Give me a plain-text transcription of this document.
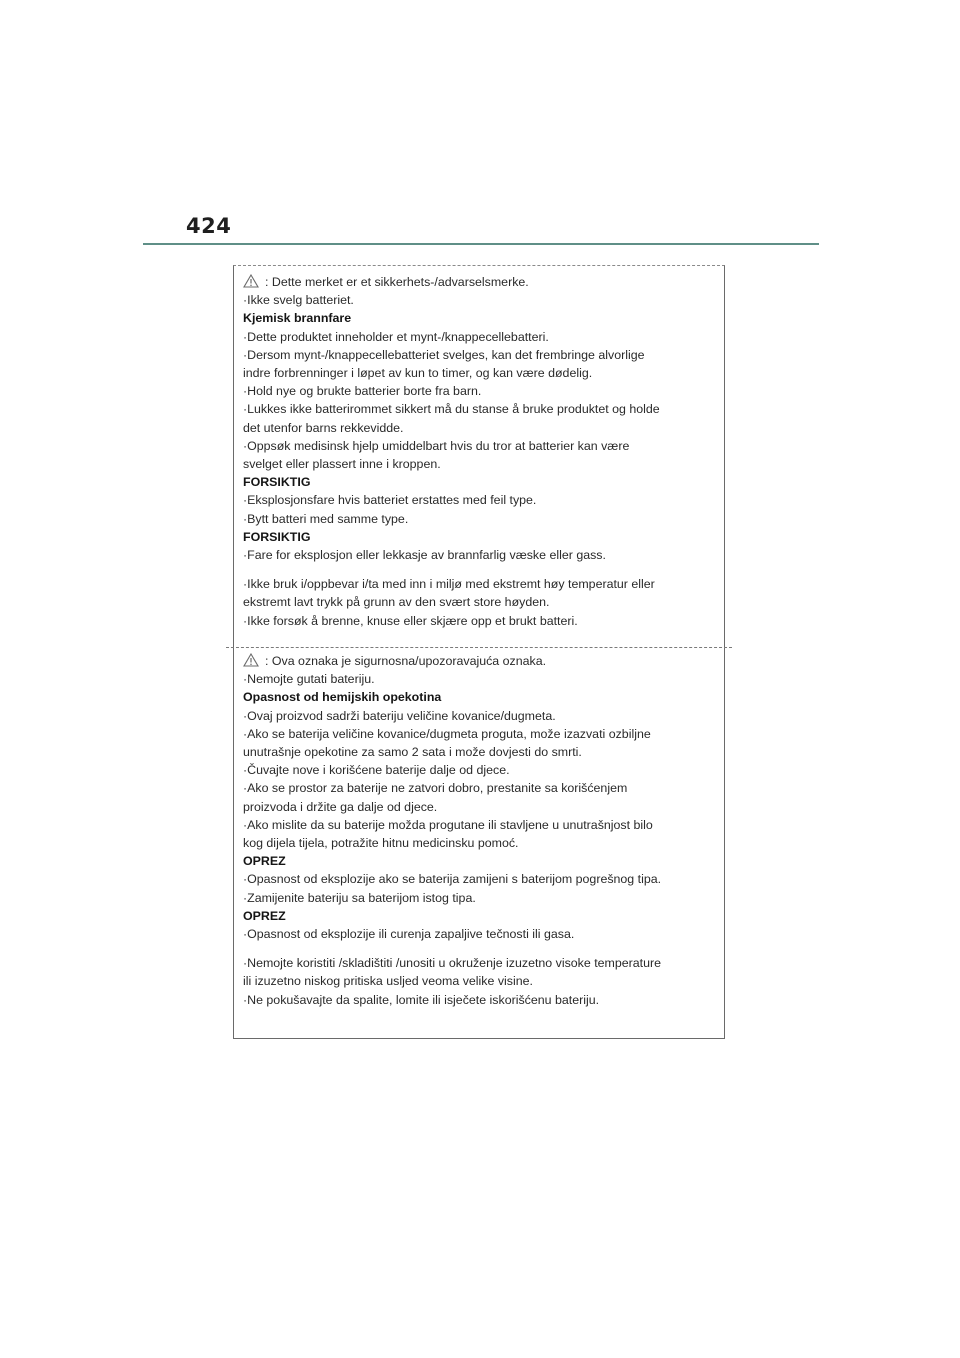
424
: Dette merket er et sikkerhets-/advarselsmerke.
·Ikke svelg batteriet.
Kjemisk brannfare
·Dette produktet inneholder et mynt-/knappecellebatteri.
·Dersom mynt-/knappecellebatteriet svelges, kan det frembringe alvorlige
indre forbrenninger i løpet av kun to timer, og kan være dødelig.
·Hold nye og brukte batterier borte fra barn.
·Lukkes ikke batterirommet sikkert må du stanse å bruke produktet og holde
det utenfor barns rekkevidde.
·Oppsøk medisinsk hjelp umiddelbart hvis du tror at batterier kan være
svelget eller plassert inne i kroppen.
FORSIKTIG
·Eksplosjonsfare hvis batteriet erstattes med feil type.
·Bytt batteri med samme type.
FORSIKTIG
·Fare for eksplosjon eller lekkasje av brannfarlig væske eller gass.
·Ikke bruk i/oppbevar i/ta med inn i miljø med ekstremt høy temperatur eller
ekstremt lavt trykk på grunn av den svært store høyden.
·Ikke forsøk å brenne, knuse eller skjære opp et brukt batteri.
: Ova oznaka je sigurnosna/upozoravajuća oznaka.
·Nemojte gutati bateriju.
Opasnost od hemijskih opekotina
·Ovaj proizvod sadrži bateriju veličine kovanice/dugmeta.
·Ako se baterija veličine kovanice/dugmeta proguta, može izazvati ozbiljne
unutrašnje opekotine za samo 2 sata i može dovjesti do smrti.
·Čuvajte nove i korišćene baterije dalje od djece.
·Ako se prostor za baterije ne zatvori dobro, prestanite sa korišćenjem
proizvoda i držite ga dalje od djece.
·Ako mislite da su baterije možda progutane ili stavljene u unutrašnjost bilo
kog dijela tijela, potražite hitnu medicinsku pomoć.
OPREZ
·Opasnost od eksplozije ako se baterija zamijeni s baterijom pogrešnog tipa.
·Zamijenite bateriju sa baterijom istog tipa.
OPREZ
·Opasnost od eksplozije ili curenja zapaljive tečnosti ili gasa.
·Nemojte koristiti /skladištiti /unositi u okruženje izuzetno visoke temperature
ili izuzetno niskog pritiska usljed veoma velike visine.
·Ne pokušavajte da spalite, lomite ili isječete iskorišćenu bateriju.
